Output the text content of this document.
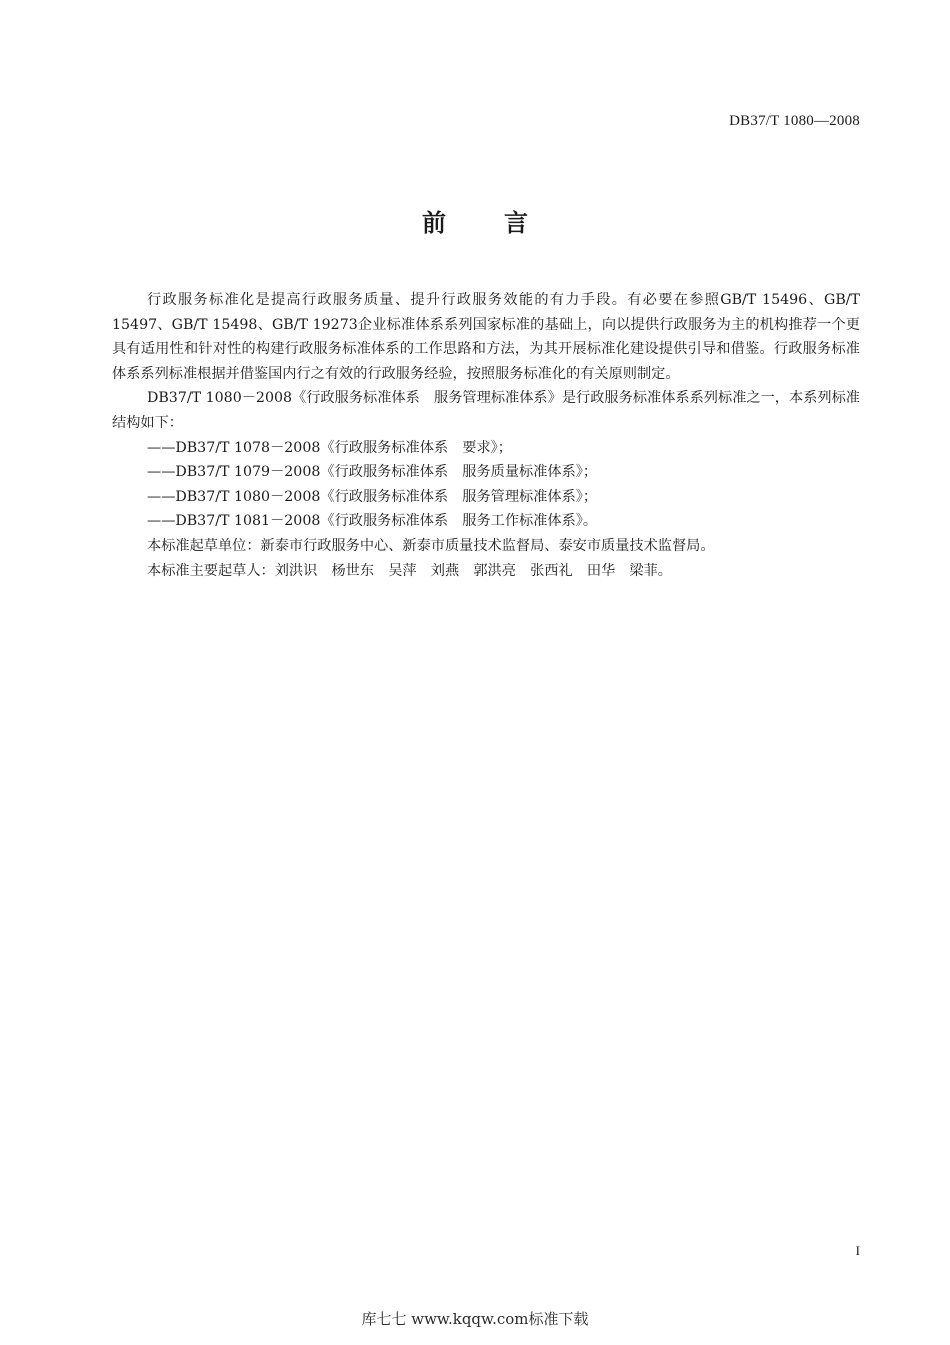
DB37/T 1080—2008
前 言

行政服务标准化是提高行政服务质量、提升行政服务效能的有力手段。有必要在参照GB/T 15496、GB/T 15497、GB/T 15498、GB/T 19273企业标准体系系列国家标准的基础上，向以提供行政服务为主的机构推荐一个更具有适用性和针对性的构建行政服务标准体系的工作思路和方法，为其开展标准化建设提供引导和借鉴。行政服务标准体系系列标准根据并借鉴国内行之有效的行政服务经验，按照服务标准化的有关原则制定。

DB37/T 1080－2008《行政服务标准体系　服务管理标准体系》是行政服务标准体系系列标准之一，本系列标准结构如下：

——DB37/T 1078－2008《行政服务标准体系　要求》；

——DB37/T 1079－2008《行政服务标准体系　服务质量标准体系》；

——DB37/T 1080－2008《行政服务标准体系　服务管理标准体系》；

——DB37/T 1081－2008《行政服务标准体系　服务工作标准体系》。

本标准起草单位：新泰市行政服务中心、新泰市质量技术监督局、泰安市质量技术监督局。

本标准主要起草人：刘洪识　杨世东　吴萍　刘燕　郭洪亮　张西礼　田华　梁菲。

I
库七七 www.kqqw.com标准下载
